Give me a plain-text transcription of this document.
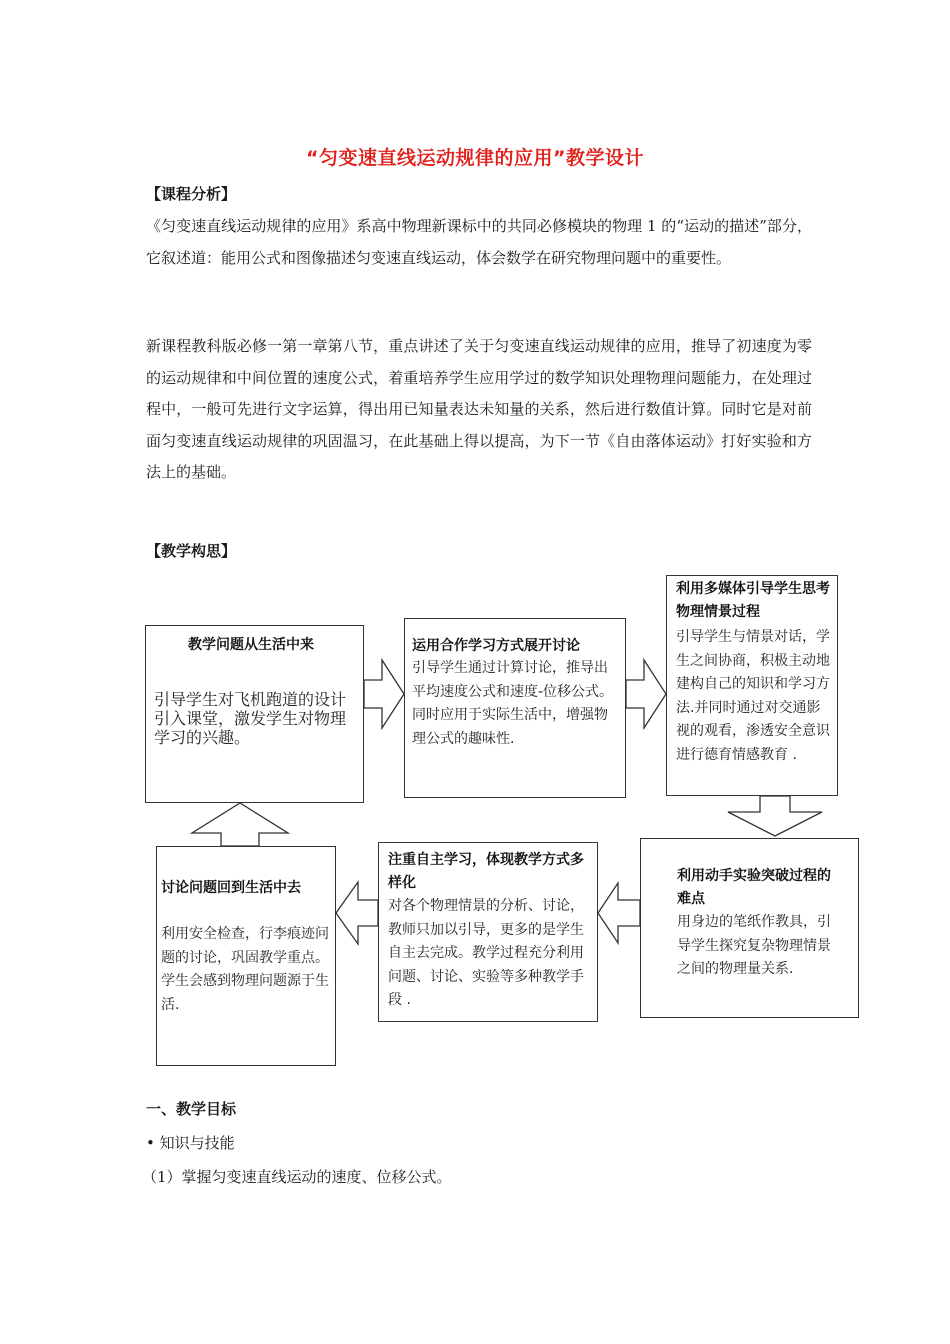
“匀变速直线运动规律的应用”教学设计
【课程分析】
《匀变速直线运动规律的应用》系高中物理新课标中的共同必修模块的物理 1 的“运动的描述”部分，它叙述道：能用公式和图像描述匀变速直线运动，体会数学在研究物理问题中的重要性。
新课程教科版必修一第一章第八节，重点讲述了关于匀变速直线运动规律的应用，推导了初速度为零的运动规律和中间位置的速度公式，着重培养学生应用学过的数学知识处理物理问题能力，在处理过程中，一般可先进行文字运算，得出用已知量表达未知量的关系，然后进行数值计算。同时它是对前面匀变速直线运动规律的巩固温习，在此基础上得以提高，为下一节《自由落体运动》打好实验和方法上的基础。
【教学构思】
教学问题从生活中来
引导学生对飞机跑道的设计引入课堂，激发学生对物理学习的兴趣。
运用合作学习方式展开讨论
引导学生通过计算讨论，推导出平均速度公式和速度-位移公式。同时应用于实际生活中，增强物理公式的趣味性.
利用多媒体引导学生思考物理情景过程
引导学生与情景对话，学生之间协商，积极主动地建构自己的知识和学习方法.并同时通过对交通影视的观看，渗透安全意识进行德育情感教育 .
利用动手实验突破过程的难点
用身边的笔纸作教具，引导学生探究复杂物理情景之间的物理量关系.
注重自主学习，体现教学方式多样化
对各个物理情景的分析、讨论，教师只加以引导，更多的是学生自主去完成。教学过程充分利用问题、讨论、实验等多种教学手段 .
讨论问题回到生活中去
利用安全检查，行李痕迹问题的讨论，巩固教学重点。学生会感到物理问题源于生活.
一、教学目标
• 知识与技能
（1）掌握匀变速直线运动的速度、位移公式。
